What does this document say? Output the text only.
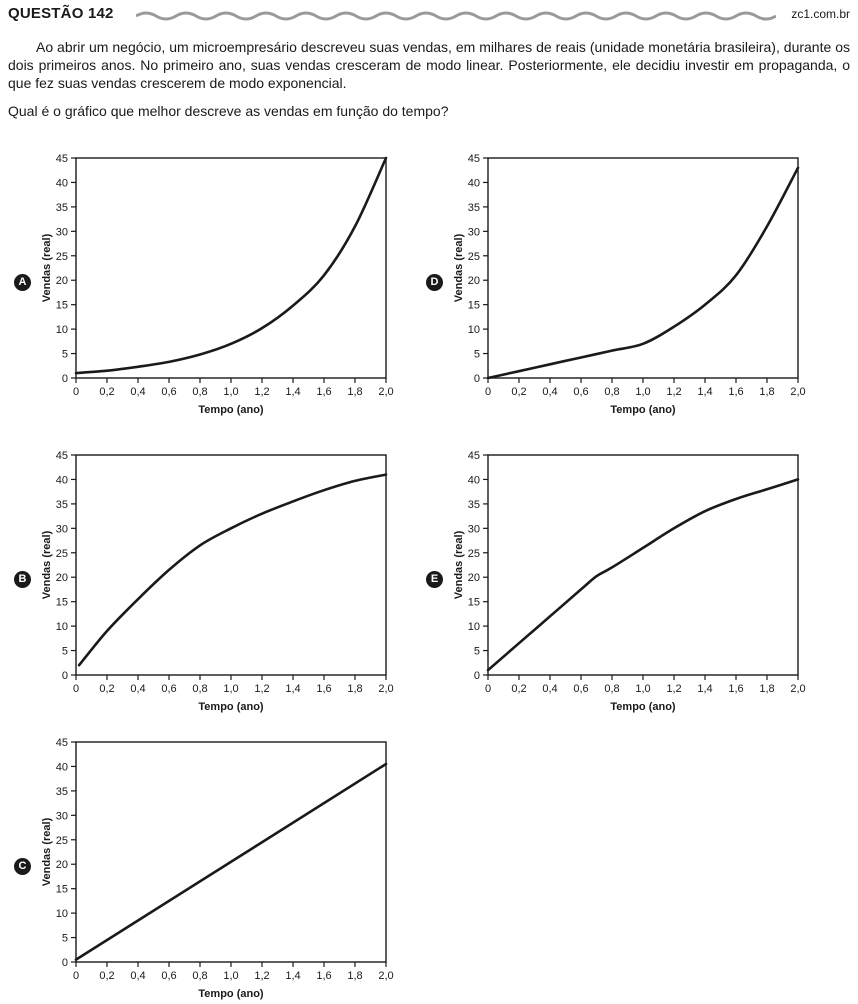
QUESTÃO 142	zc1.com.br

Ao abrir um negócio, um microempresário descreveu suas vendas, em milhares de reais (unidade monetária brasileira), durante os dois primeiros anos. No primeiro ano, suas vendas cresceram de modo linear. Posteriormente, ele decidiu investir em propaganda, o que fez suas vendas crescerem de modo exponencial.

Qual é o gráfico que melhor descreve as vendas em função do tempo?

A
0
5
10
15
20
25
30
35
40
45
0 0,2 0,4 0,6 0,8 1,0 1,2 1,4 1,6 1,8 2,0
Tempo (ano)
Vendas (real)	D
0
5
10
15
20
25
30
35
40
45
0 0,2 0,4 0,6 0,8 1,0 1,2 1,4 1,6 1,8 2,0
Tempo (ano)
Vendas (real)
B
0
5
10
15
20
25
30
35
40
45
0 0,2 0,4 0,6 0,8 1,0 1,2 1,4 1,6 1,8 2,0
Tempo (ano)
Vendas (real)	E
0
5
10
15
20
25
30
35
40
45
0 0,2 0,4 0,6 0,8 1,0 1,2 1,4 1,6 1,8 2,0
Tempo (ano)
Vendas (real)
C
0
5
10
15
20
25
30
35
40
45
0 0,2 0,4 0,6 0,8 1,0 1,2 1,4 1,6 1,8 2,0
Tempo (ano)
Vendas (real)
